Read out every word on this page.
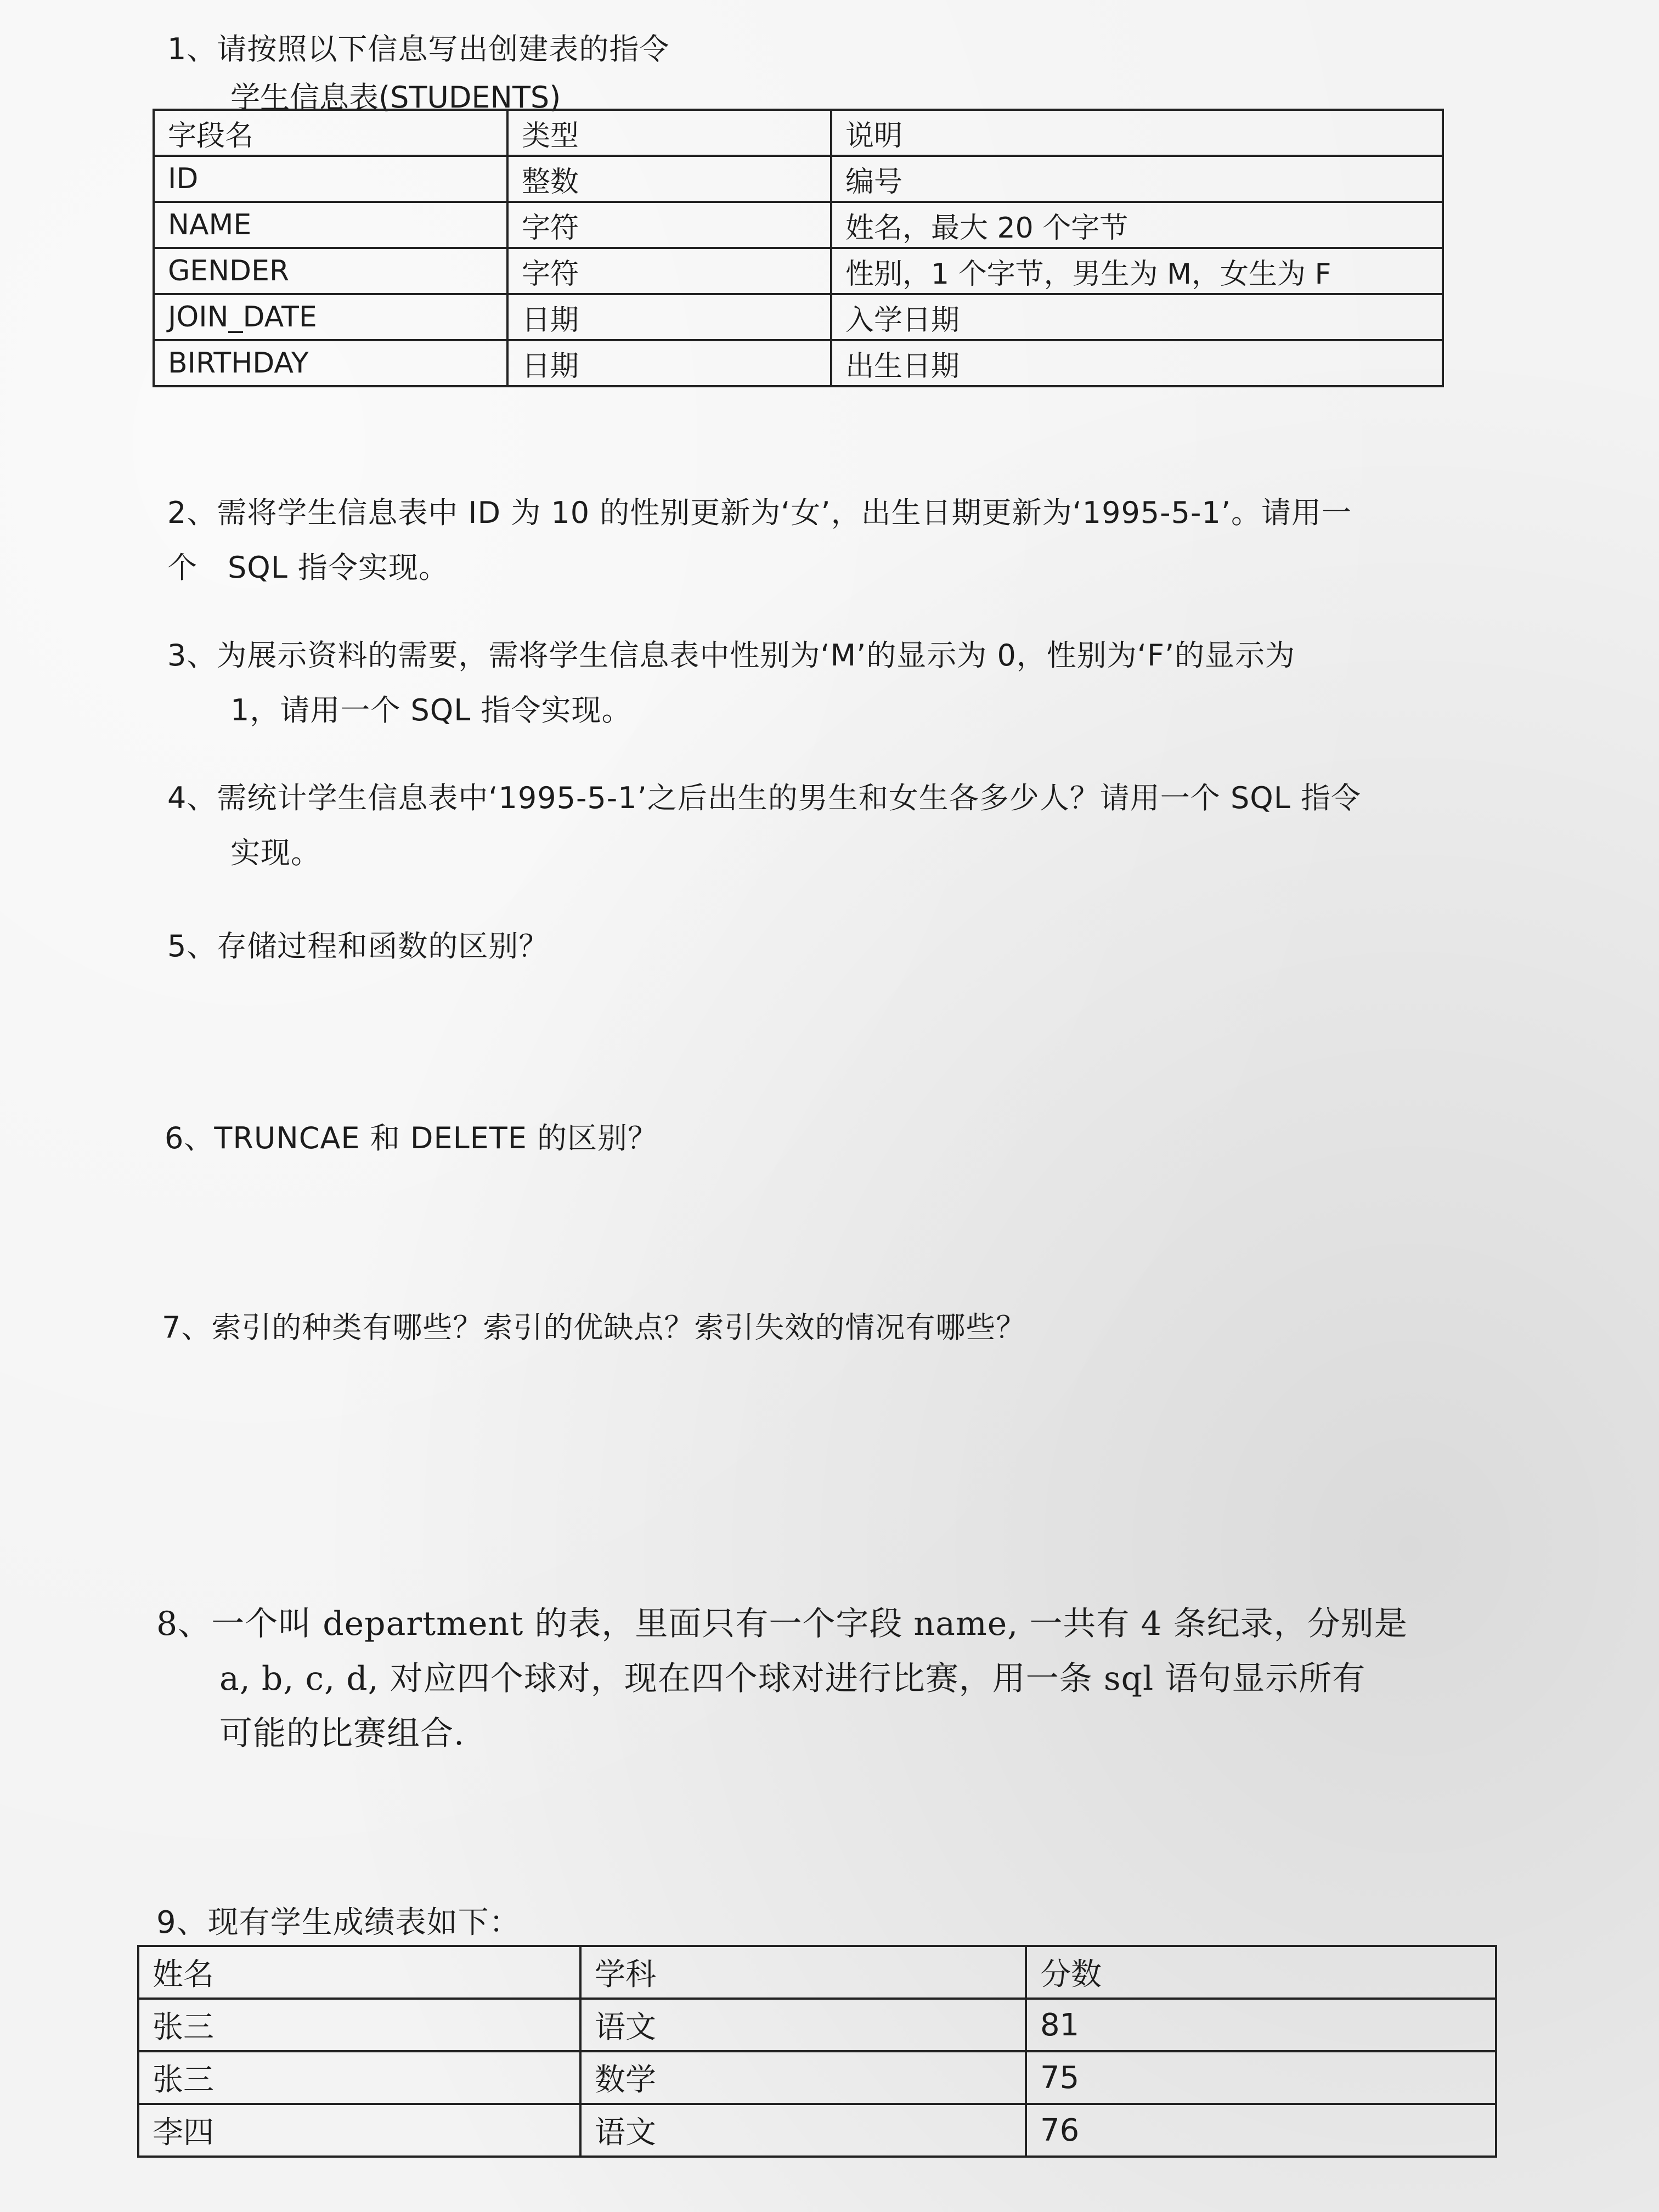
1、请按照以下信息写出创建表的指令
学生信息表(STUDENTS)
字段名	类型	说明
ID	整数	编号
NAME	字符	姓名，最大 20 个字节
GENDER	字符	性别，1 个字节，男生为 M，女生为 F
JOIN_DATE	日期	入学日期
BIRTHDAY	日期	出生日期
2、需将学生信息表中 ID 为 10 的性别更新为‘女’，出生日期更新为‘1995-5-1’。请用一
个　SQL 指令实现。
3、为展示资料的需要，需将学生信息表中性别为‘M’的显示为 0，性别为‘F’的显示为
1，请用一个 SQL 指令实现。
4、需统计学生信息表中‘1995-5-1’之后出生的男生和女生各多少人？请用一个 SQL 指令
实现。
5、存储过程和函数的区别？
6、TRUNCAE 和 DELETE 的区别？
7、索引的种类有哪些？索引的优缺点？索引失效的情况有哪些？
8、一个叫 department 的表，里面只有一个字段 name, 一共有 4 条纪录，分别是
a, b, c, d, 对应四个球对，现在四个球对进行比赛，用一条 sql 语句显示所有
可能的比赛组合.
9、现有学生成绩表如下：
姓名	学科	分数
张三	语文	81
张三	数学	75
李四	语文	76
